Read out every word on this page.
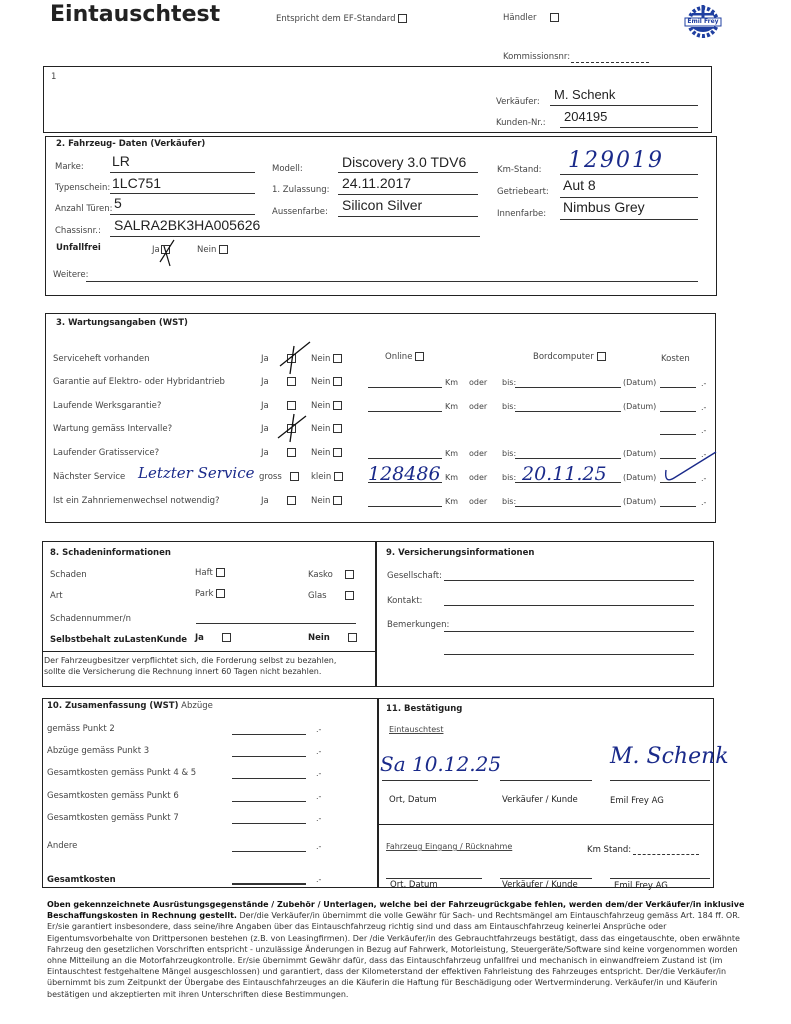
Eintauschtest	Entspricht dem EF-Standard	Händler	Emil Frey
Kommissionsnr:
1
Verkäufer: M. Schenk
Kunden-Nr.: 204195
2. Fahrzeug- Daten (Verkäufer)
Marke: LR
Typenschein: 1LC751
Anzahl Türen: 5
Chassisnr.: SALRA2BK3HA005626
Unfallfrei	Ja	Nein
Modell:	Discovery 3.0 TDV6
1. Zulassung: 24.11.2017
Aussenfarbe: Silicon Silver
Km-Stand: 129019
Getriebeart: Aut 8
Innenfarbe: Nimbus Grey
Weitere:
3. Wartungsangaben (WST)
Online	Bordcomputer	Kosten
Serviceheft vorhanden	Ja	Nein
Garantie auf Elektro- oder Hybridantrieb	Ja	Nein	Km oder bis:	(Datum)	.-
Laufende Werksgarantie?	Ja	Nein	Km oder bis:	(Datum)	.-
Wartung gemäss Intervalle?	Ja	Nein	.-
Laufender Gratisservice?	Ja	Nein	Km oder bis:	(Datum)	.-
Nächster Service Letzter Service gross	klein	128486 Km oder bis: 20.11.25 (Datum)	.-
Ist ein Zahnriemenwechsel notwendig?	Ja	Nein	Km oder bis:	(Datum)	.-
8. Schadeninformationen
Schaden	Haft	Kasko
Art	Park	Glas
Schadennummer/n
Selbstbehalt zuLastenKunde Ja	Nein
Der Fahrzeugbesitzer verpflichtet sich, die Forderung selbst zu bezahlen, sollte die Versicherung die Rechnung innert 60 Tagen nicht bezahlen.
9. Versicherungsinformationen
Gesellschaft:
Kontakt:
Bemerkungen:
10. Zusamenfassung (WST) Abzüge
gemäss Punkt 2	.-
Abzüge gemäss Punkt 3	.-
Gesamtkosten gemäss Punkt 4 & 5	.-
Gesamtkosten gemäss Punkt 6	.-
Gesamtkosten gemäss Punkt 7	.-
Andere	.-
Gesamtkosten	.-
11. Bestätigung
Eintauschtest
Sa 10.12.25	M. Schenk
Ort, Datum	Verkäufer / Kunde	Emil Frey AG
Fahrzeug Eingang / Rücknahme	Km Stand:
Ort, Datum	Verkäufer / Kunde	Emil Frey AG
Oben gekennzeichnete Ausrüstungsgegenstände / Zubehör / Unterlagen, welche bei der Fahrzeugrückgabe fehlen, werden dem/der Verkäufer/in inklusive Beschaffungskosten in Rechnung gestellt. Der/die Verkäufer/in übernimmt die volle Gewähr für Sach- und Rechtsmängel am Eintauschfahrzeug gemäss Art. 184 ff. OR. Er/sie garantiert insbesondere, dass seine/ihre Angaben über das Eintauschfahrzeug richtig sind und dass am Eintauschfahrzeug keinerlei Ansprüche oder Eigentumsvorbehalte von Drittpersonen bestehen (z.B. von Leasingfirmen). Der /die Verkäufer/in des Gebrauchtfahrzeugs bestätigt, dass das eingetauschte, oben erwähnte Fahrzeug den gesetzlichen Vorschriften entspricht - unzulässige Änderungen in Bezug auf Fahrwerk, Motorleistung, Steuergeräte/Software sind keine vorgenommen worden ohne Mitteilung an die Motorfahrzeugkontrolle. Er/sie übernimmt Gewähr dafür, dass das Eintauschfahrzeug unfallfrei und mechanisch in einwandfreiem Zustand ist (im Eintauschtest festgehaltene Mängel ausgeschlossen) und garantiert, dass der Kilometerstand der effektiven Fahrleistung des Fahrzeuges entspricht. Der/die Verkäufer/in übernimmt bis zum Zeitpunkt der Übergabe des Eintauschfahrzeuges an die Käuferin die Haftung für Beschädigung oder Wertverminderung. Verkäufer/in und Käuferin bestätigen und akzeptierten mit ihren Unterschriften diese Bestimmungen.
